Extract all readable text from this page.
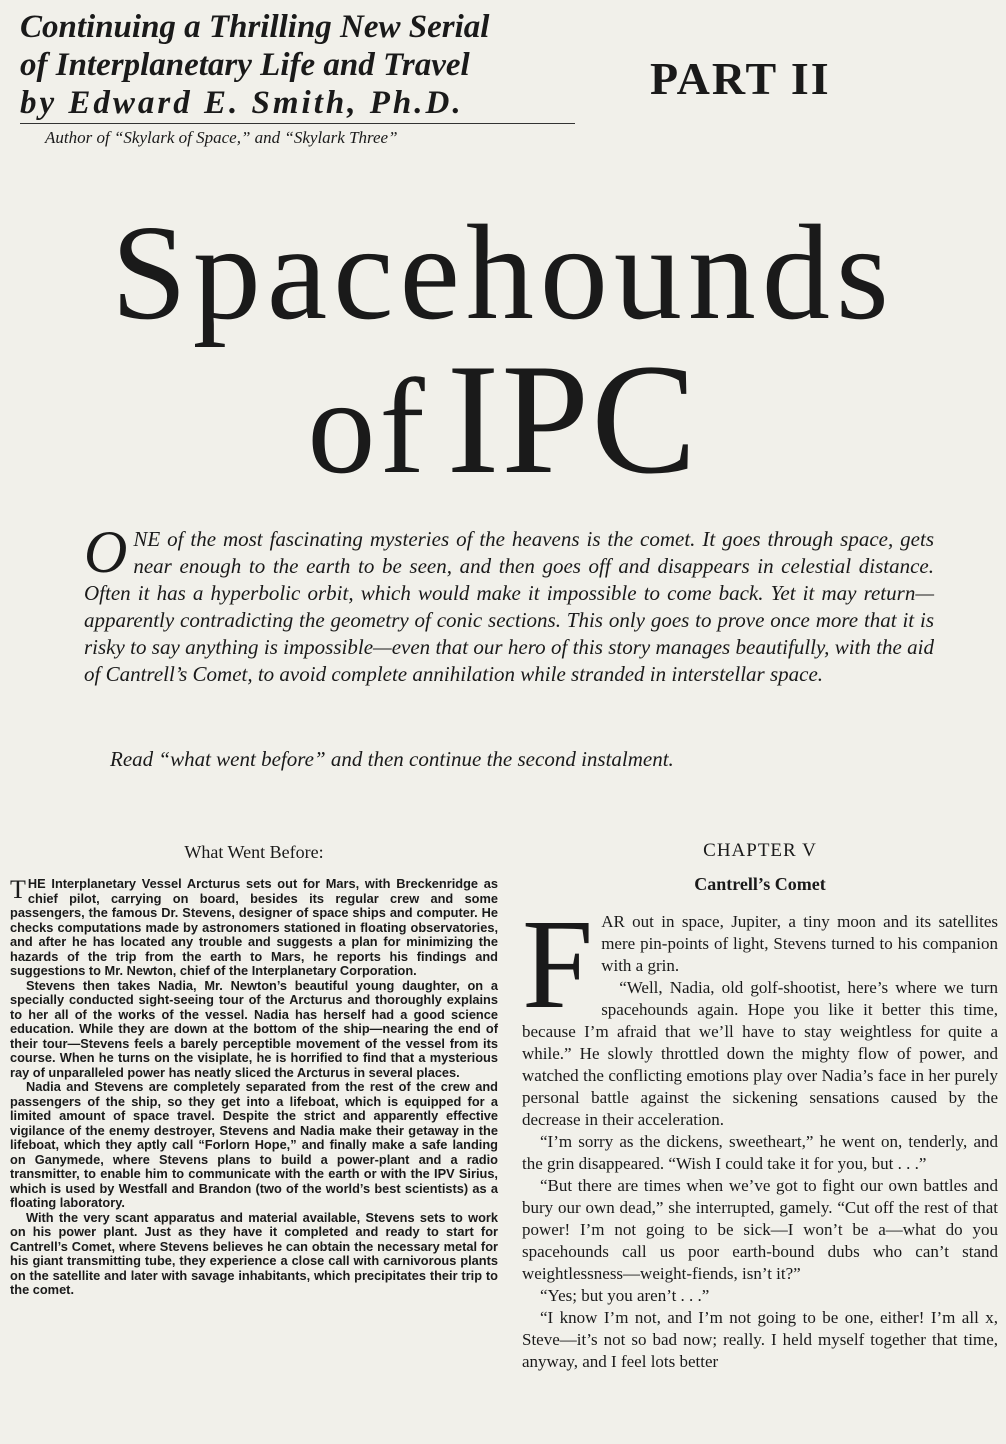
Continuing a Thrilling New Serial

of Interplanetary Life and Travel

by Edward E. Smith, Ph.D.

Author of “Skylark of Space,” and “Skylark Three”

PART II
Spacehounds
of IPC

ONE of the most fascinating mysteries of the heavens is the comet. It goes through space, gets near enough to the earth to be seen, and then goes off and disappears in celestial distance. Often it has a hyperbolic orbit, which would make it impossible to come back. Yet it may return—apparently contradicting the geometry of conic sections. This only goes to prove once more that it is risky to say anything is impossible—even that our hero of this story manages beautifully, with the aid of Cantrell’s Comet, to avoid complete annihilation while stranded in interstellar space.

Read “what went before” and then continue the second instalment.

What Went Before:

THE Interplanetary Vessel Arcturus sets out for Mars, with Breckenridge as chief pilot, carrying on board, besides its regular crew and some passengers, the famous Dr. Stevens, designer of space ships and computer. He checks computations made by astronomers stationed in floating observatories, and after he has located any trouble and suggests a plan for minimizing the hazards of the trip from the earth to Mars, he reports his findings and suggestions to Mr. Newton, chief of the Interplanetary Corporation.

Stevens then takes Nadia, Mr. Newton’s beautiful young daughter, on a specially conducted sight-seeing tour of the Arcturus and thoroughly explains to her all of the works of the vessel. Nadia has herself had a good science education. While they are down at the bottom of the ship—nearing the end of their tour—Stevens feels a barely perceptible movement of the vessel from its course. When he turns on the visiplate, he is horrified to find that a mysterious ray of unparalleled power has neatly sliced the Arcturus in several places.

Nadia and Stevens are completely separated from the rest of the crew and passengers of the ship, so they get into a lifeboat, which is equipped for a limited amount of space travel. Despite the strict and apparently effective vigilance of the enemy destroyer, Stevens and Nadia make their getaway in the lifeboat, which they aptly call “Forlorn Hope,” and finally make a safe landing on Ganymede, where Stevens plans to build a power-plant and a radio transmitter, to enable him to communicate with the earth or with the IPV Sirius, which is used by Westfall and Brandon (two of the world’s best scientists) as a floating laboratory.

With the very scant apparatus and material available, Stevens sets to work on his power plant. Just as they have it completed and ready to start for Cantrell’s Comet, where Stevens believes he can obtain the necessary metal for his giant transmitting tube, they experience a close call with carnivorous plants on the satellite and later with savage inhabitants, which precipitates their trip to the comet.

CHAPTER V
Cantrell’s Comet

FAR out in space, Jupiter, a tiny moon and its satellites mere pin-points of light, Stevens turned to his companion with a grin.

“Well, Nadia, old golf-shootist, here’s where we turn spacehounds again. Hope you like it better this time, because I’m afraid that we’ll have to stay weightless for quite a while.” He slowly throttled down the mighty flow of power, and watched the conflicting emotions play over Nadia’s face in her purely personal battle against the sickening sensations caused by the decrease in their acceleration.

“I’m sorry as the dickens, sweetheart,” he went on, tenderly, and the grin disappeared. “Wish I could take it for you, but . . .”

“But there are times when we’ve got to fight our own battles and bury our own dead,” she interrupted, gamely. “Cut off the rest of that power! I’m not going to be sick—I won’t be a—what do you spacehounds call us poor earth-bound dubs who can’t stand weightlessness—weight-fiends, isn’t it?”

“Yes; but you aren’t . . .”

“I know I’m not, and I’m not going to be one, either! I’m all x, Steve—it’s not so bad now; really. I held myself together that time, anyway, and I feel lots better
